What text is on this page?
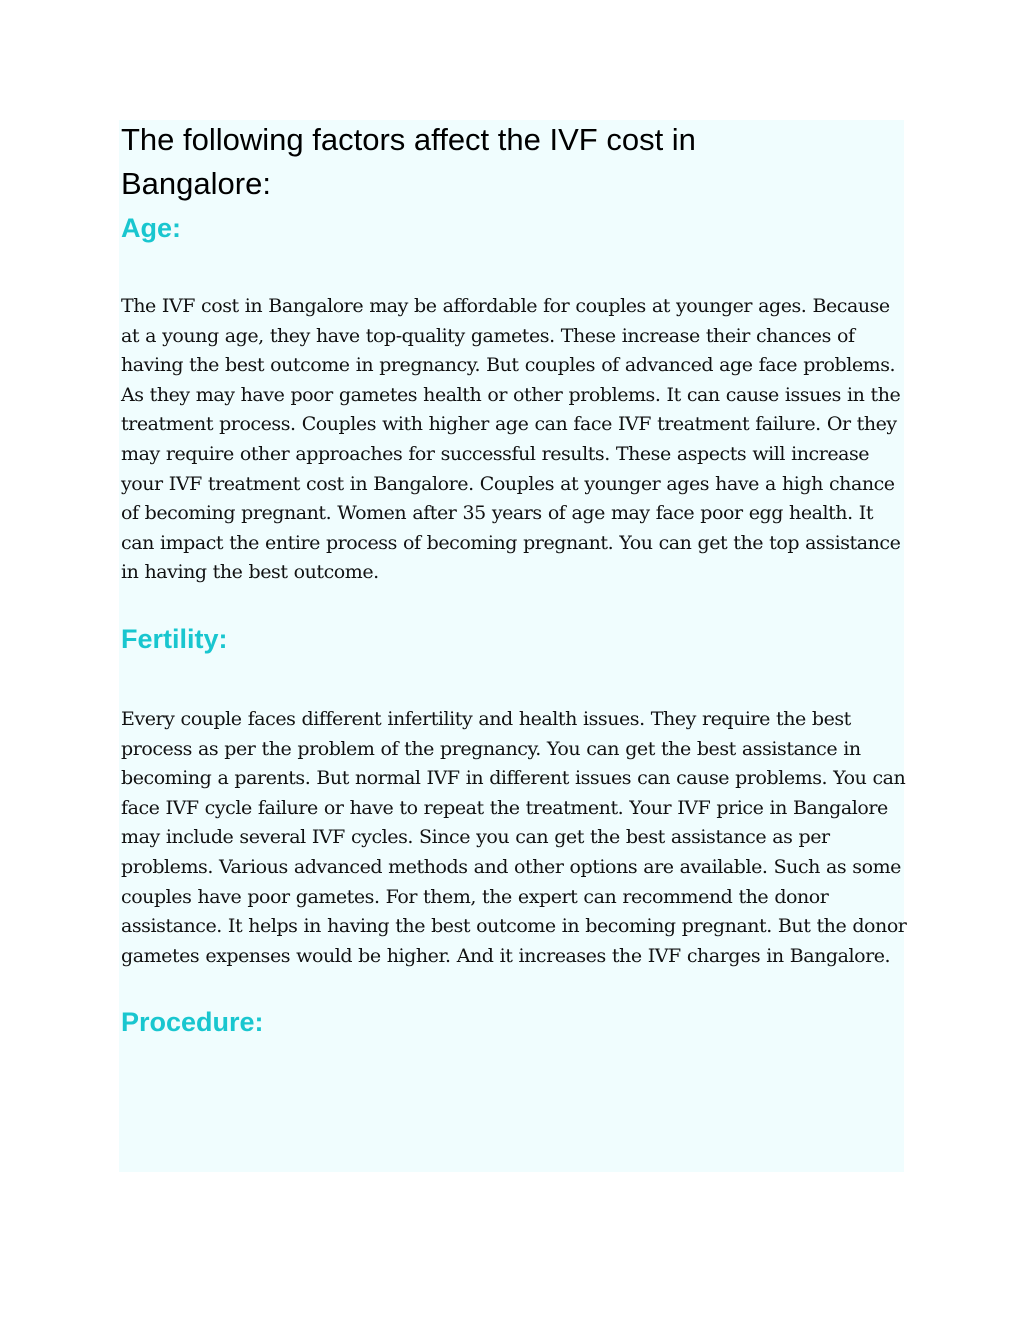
The following factors affect the IVF cost in Bangalore:
Age:

The IVF cost in Bangalore may be affordable for couples at younger ages. Because at a young age, they have top-quality gametes. These increase their chances of having the best outcome in pregnancy. But couples of advanced age face problems. As they may have poor gametes health or other problems. It can cause issues in the treatment process. Couples with higher age can face IVF treatment failure. Or they may require other approaches for successful results. These aspects will increase your IVF treatment cost in Bangalore. Couples at younger ages have a high chance of becoming pregnant. Women after 35 years of age may face poor egg health. It can impact the entire process of becoming pregnant. You can get the top assistance in having the best outcome.

Fertility:

Every couple faces different infertility and health issues. They require the best process as per the problem of the pregnancy. You can get the best assistance in becoming a parents. But normal IVF in different issues can cause problems. You can face IVF cycle failure or have to repeat the treatment. Your IVF price in Bangalore may include several IVF cycles. Since you can get the best assistance as per problems. Various advanced methods and other options are available. Such as some couples have poor gametes. For them, the expert can recommend the donor assistance. It helps in having the best outcome in becoming pregnant. But the donor gametes expenses would be higher. And it increases the IVF charges in Bangalore.

Procedure:
